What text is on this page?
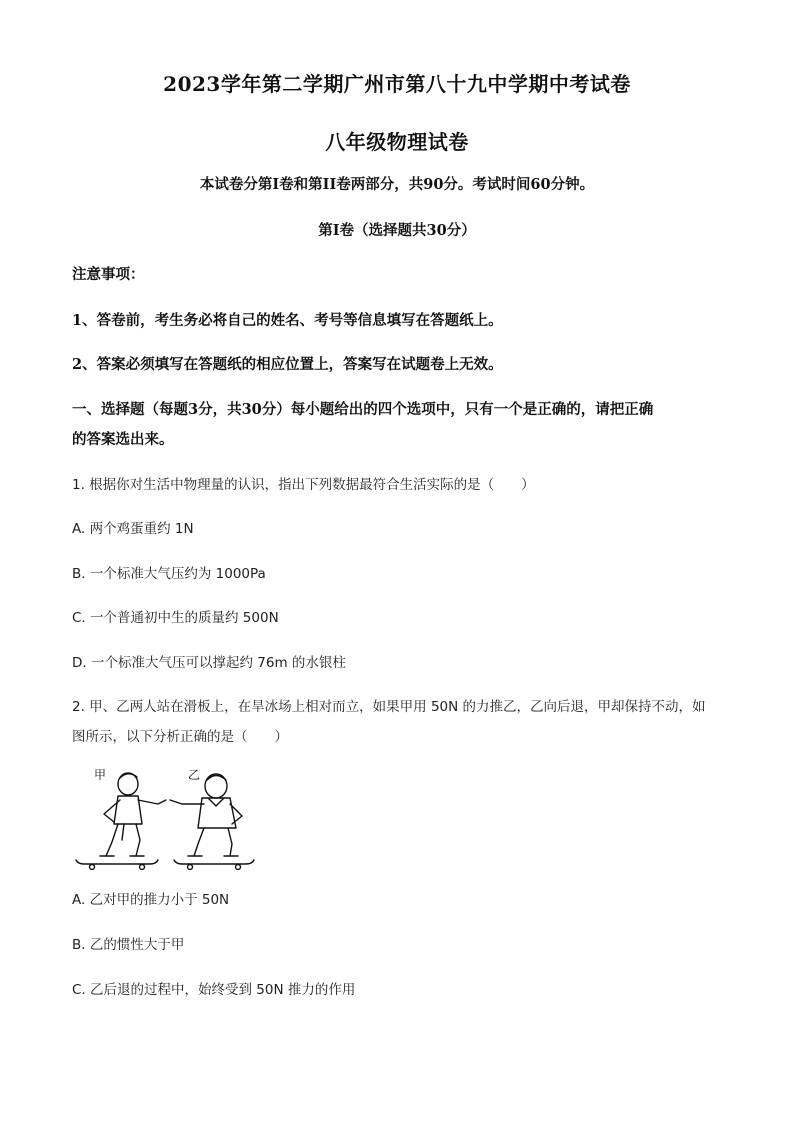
2023学年第二学期广州市第八十九中学期中考试卷
八年级物理试卷
本试卷分第I卷和第II卷两部分，共90分。考试时间60分钟。
第I卷（选择题共30分）
注意事项：
1、答卷前，考生务必将自己的姓名、考号等信息填写在答题纸上。
2、答案必须填写在答题纸的相应位置上，答案写在试题卷上无效。
一、选择题（每题3分，共30分）每小题给出的四个选项中，只有一个是正确的，请把正确
的答案选出来。
1. 根据你对生活中物理量的认识，指出下列数据最符合生活实际的是（　　）
A. 两个鸡蛋重约 1N
B. 一个标准大气压约为 1000Pa
C. 一个普通初中生的质量约 500N
D. 一个标准大气压可以撑起约 76m 的水银柱
2. 甲、乙两人站在滑板上，在旱冰场上相对而立，如果甲用 50N 的力推乙，乙向后退，甲却保持不动，如
图所示，以下分析正确的是（　　）
甲	乙
A. 乙对甲的推力小于 50N
B. 乙的惯性大于甲
C. 乙后退的过程中，始终受到 50N 推力的作用
